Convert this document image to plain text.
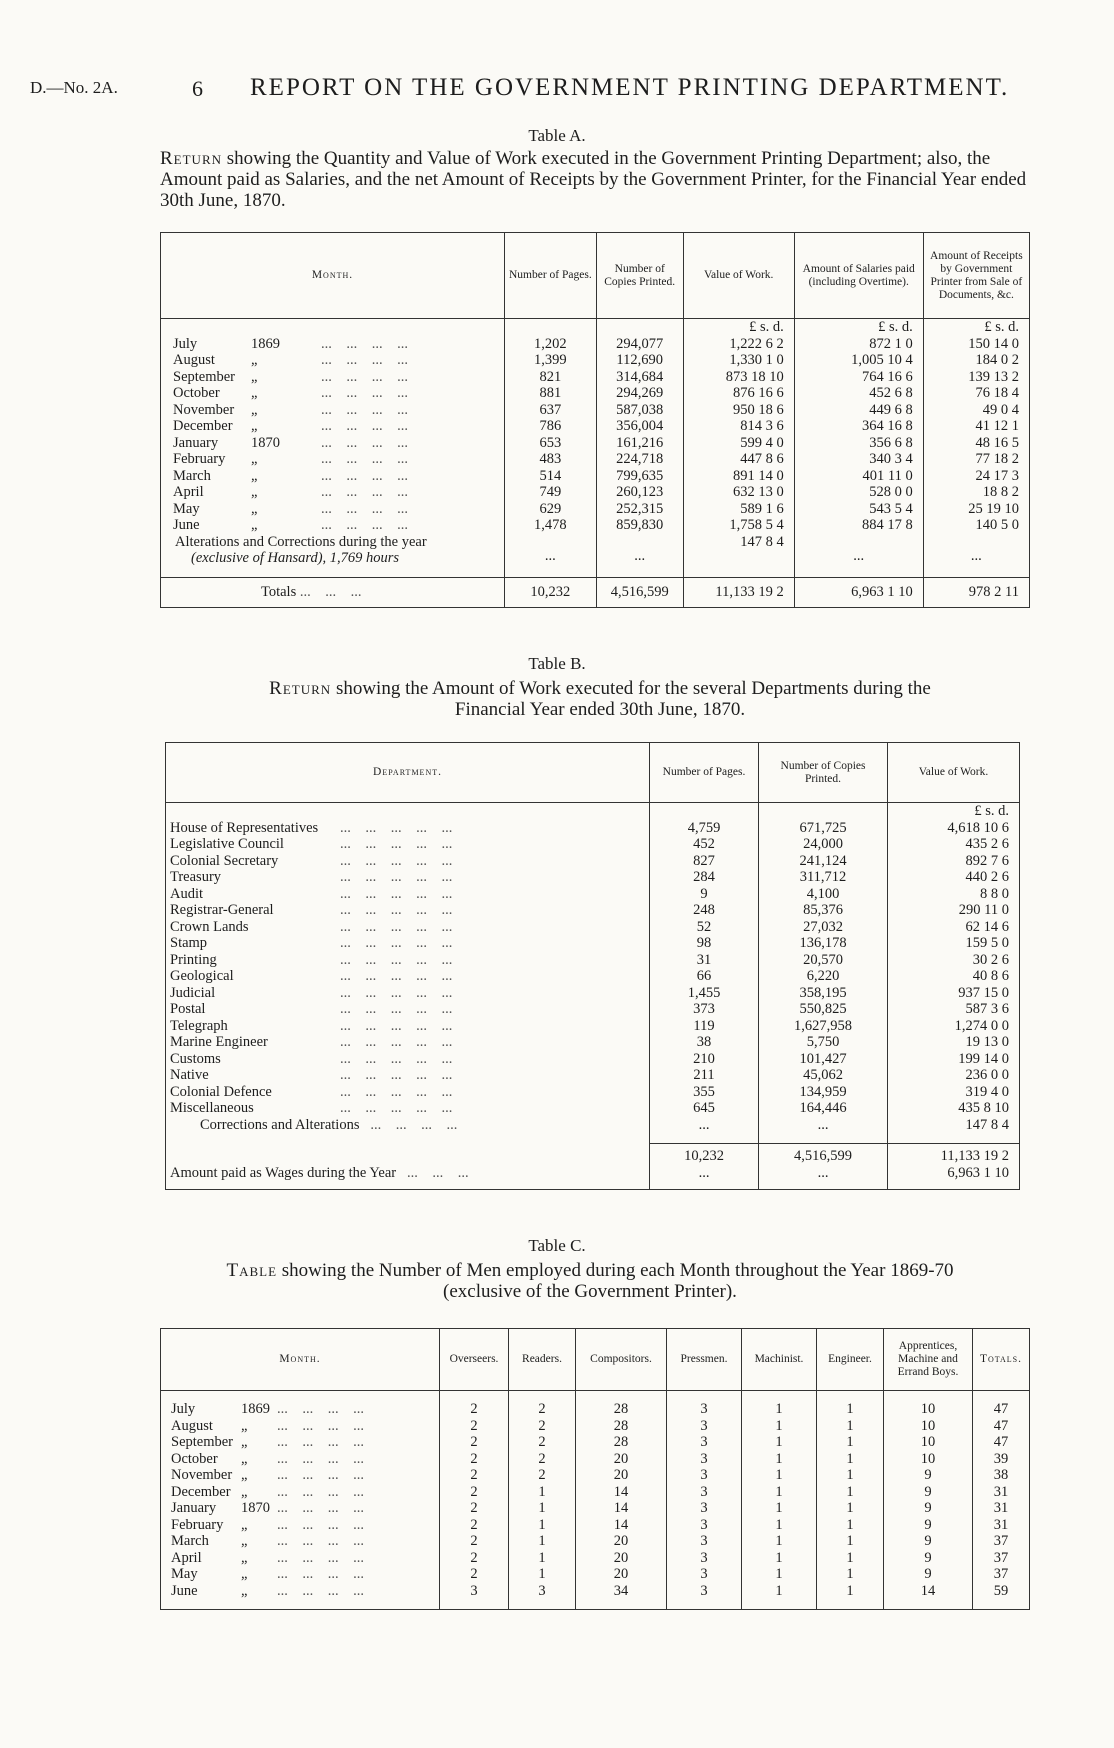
D.—No. 2A.	6 REPORT ON THE GOVERNMENT PRINTING DEPARTMENT.
Table A.
Return showing the Quantity and Value of Work executed in the Government Printing Department; also, the Amount paid as Salaries, and the net Amount of Receipts by the Government Printer, for the Financial Year ended 30th June, 1870.
Month.	Number of Pages.	Number of Copies Printed.	Value of Work.	Amount of Salaries paid (including Overtime).	Amount of Receipts by Government Printer from Sale of Documents, &c.
			£ s. d.	£ s. d.	£ s. d.
July 1869 ...    ...    ...    ...	1,202	294,077	1,222 6 2	872 1 0	150 14 0
August „ ...    ...    ...    ...	1,399	112,690	1,330 1 0	1,005 10 4	184 0 2
September „ ...    ...    ...    ...	821	314,684	873 18 10	764 16 6	139 13 2
October „ ...    ...    ...    ...	881	294,269	876 16 6	452 6 8	76 18 4
November „ ...    ...    ...    ...	637	587,038	950 18 6	449 6 8	49 0 4
December „ ...    ...    ...    ...	786	356,004	814 3 6	364 16 8	41 12 1
January 1870 ...    ...    ...    ...	653	161,216	599 4 0	356 6 8	48 16 5
February „ ...    ...    ...    ...	483	224,718	447 8 6	340 3 4	77 18 2
March „ ...    ...    ...    ...	514	799,635	891 14 0	401 11 0	24 17 3
April „ ...    ...    ...    ...	749	260,123	632 13 0	528 0 0	18 8 2
May „ ...    ...    ...    ...	629	252,315	589 1 6	543 5 4	25 19 10
June „ ...    ...    ...    ...	1,478	859,830	1,758 5 4	884 17 8	140 5 0

Alterations and Corrections during the year
(exclusive of Hansard), 1,769 hours	...	...	147 8 4	...	...

Totals ...    ...    ...	10,232	4,516,599	11,133 19 2	6,963 1 10	978 2 11
Table B.
Return showing the Amount of Work executed for the several Departments during the
Financial Year ended 30th June, 1870.
Department.	Number of Pages.	Number of Copies Printed.	Value of Work.
			£ s. d.
House of Representatives ...    ...    ...    ...    ...	4,759	671,725	4,618 10 6
Legislative Council ...    ...    ...    ...    ...	452	24,000	435 2 6
Colonial Secretary ...    ...    ...    ...    ...	827	241,124	892 7 6
Treasury ...    ...    ...    ...    ...	284	311,712	440 2 6
Audit ...    ...    ...    ...    ...	9	4,100	8 8 0
Registrar-General ...    ...    ...    ...    ...	248	85,376	290 11 0
Crown Lands ...    ...    ...    ...    ...	52	27,032	62 14 6
Stamp ...    ...    ...    ...    ...	98	136,178	159 5 0
Printing ...    ...    ...    ...    ...	31	20,570	30 2 6
Geological ...    ...    ...    ...    ...	66	6,220	40 8 6
Judicial ...    ...    ...    ...    ...	1,455	358,195	937 15 0
Postal ...    ...    ...    ...    ...	373	550,825	587 3 6
Telegraph ...    ...    ...    ...    ...	119	1,627,958	1,274 0 0
Marine Engineer ...    ...    ...    ...    ...	38	5,750	19 13 0
Customs ...    ...    ...    ...    ...	210	101,427	199 14 0
Native ...    ...    ...    ...    ...	211	45,062	236 0 0
Colonial Defence ...    ...    ...    ...    ...	355	134,959	319 4 0
Miscellaneous ...    ...    ...    ...    ...	645	164,446	435 8 10
Corrections and Alterations   ...    ...    ...    ...	...	...	147 8 4

	10,232	4,516,599	11,133 19 2
Amount paid as Wages during the Year   ...    ...    ...	...	...	6,963 1 10
Table C.
Table showing the Number of Men employed during each Month throughout the Year 1869-70
(exclusive of the Government Printer).
Month.	Overseers.	Readers.	Compositors.	Pressmen.	Machinist.	Engineer.	Apprentices, Machine and Errand Boys.	Totals.

July 1869 ...    ...    ...    ...	2	2	28	3	1	1	10	47
August „ ...    ...    ...    ...	2	2	28	3	1	1	10	47
September „ ...    ...    ...    ...	2	2	28	3	1	1	10	47
October „ ...    ...    ...    ...	2	2	20	3	1	1	10	39
November „ ...    ...    ...    ...	2	2	20	3	1	1	9	38
December „ ...    ...    ...    ...	2	1	14	3	1	1	9	31
January 1870 ...    ...    ...    ...	2	1	14	3	1	1	9	31
February „ ...    ...    ...    ...	2	1	14	3	1	1	9	31
March „ ...    ...    ...    ...	2	1	20	3	1	1	9	37
April „ ...    ...    ...    ...	2	1	20	3	1	1	9	37
May „ ...    ...    ...    ...	2	1	20	3	1	1	9	37
June „ ...    ...    ...    ...	3	3	34	3	1	1	14	59
